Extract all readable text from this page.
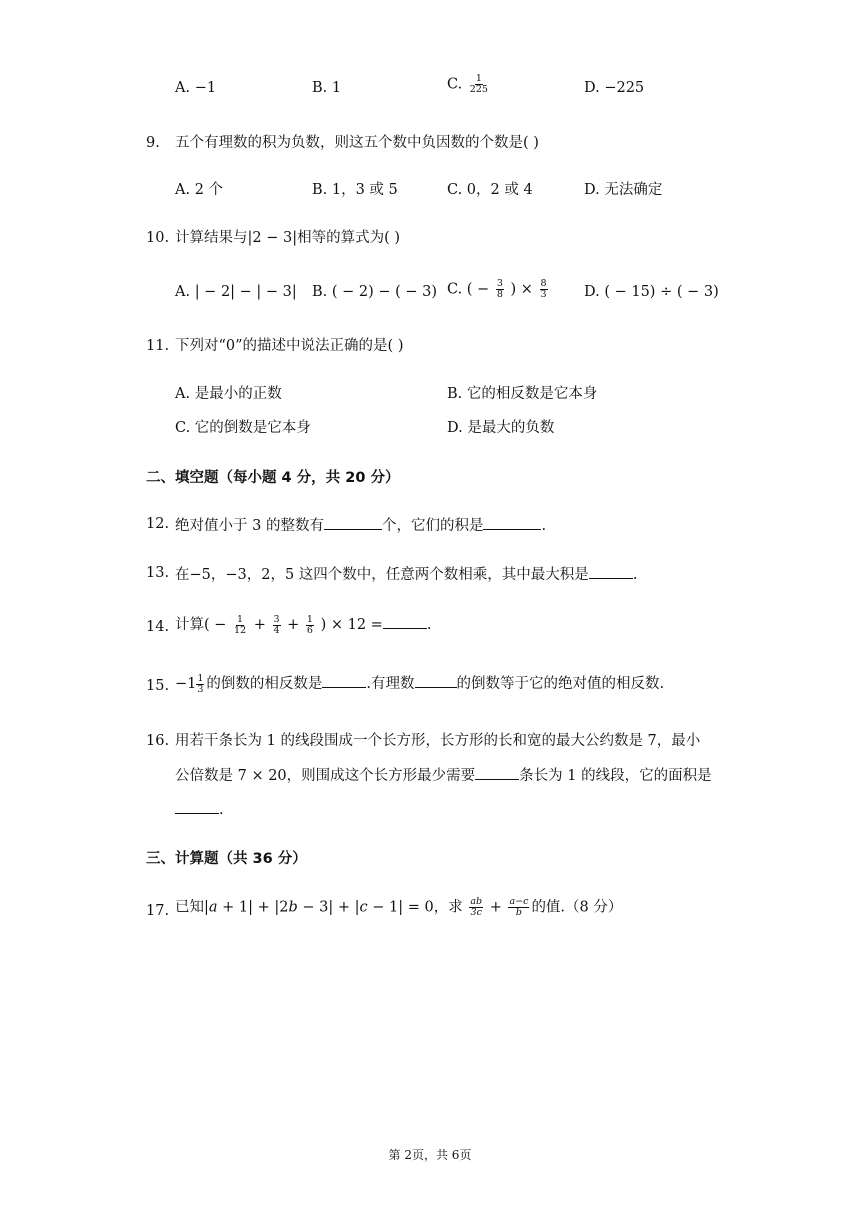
A. −1	B. 1	C. $\frac{1}{225}$	D. −225
9. 五个有理数的积为负数，则这五个数中负因数的个数是( )
A. 2 个	B. 1，3 或 5	C. 0，2 或 4	D. 无法确定
10. 计算结果与|2 − 3|相等的算式为( )
A. | − 2| − | − 3| B. ( − 2) − ( − 3) C. ( − $\frac{3}{8}$ ) × $\frac{8}{3}$	D. ( − 15) ÷ ( − 3)
11. 下列对“0”的描述中说法正确的是( )
A. 是最小的正数	B. 它的相反数是它本身
C. 它的倒数是它本身	D. 是最大的负数
二、填空题（每小题 4 分，共 20 分）
12. 绝对值小于 3 的整数有	个，它们的积是	.
13. 在−5，−3，2，5 这四个数中，任意两个数相乘，其中最大积是	.
14. 计算( − $\frac{1}{12} + \frac{3}{4} + \frac{1}{6}$ ) × 12 =	.
15. $-1 \frac{1}{3}$ 的倒数的相反数是	.有理数	的倒数等于它的绝对值的相反数.
16. 用若干条长为 1 的线段围成一个长方形，长方形的长和宽的最大公约数是 7，最小
公倍数是 7 × 20，则围成这个长方形最少需要	条长为 1 的线段，它的面积是
.
三、计算题（共 36 分）
17. 已知|a + 1| + |2b − 3| + |c − 1| = 0，求 $\frac{ab}{3c} + \frac{a-c}{b}$ 的值.（8 分）
第 2页，共 6页
